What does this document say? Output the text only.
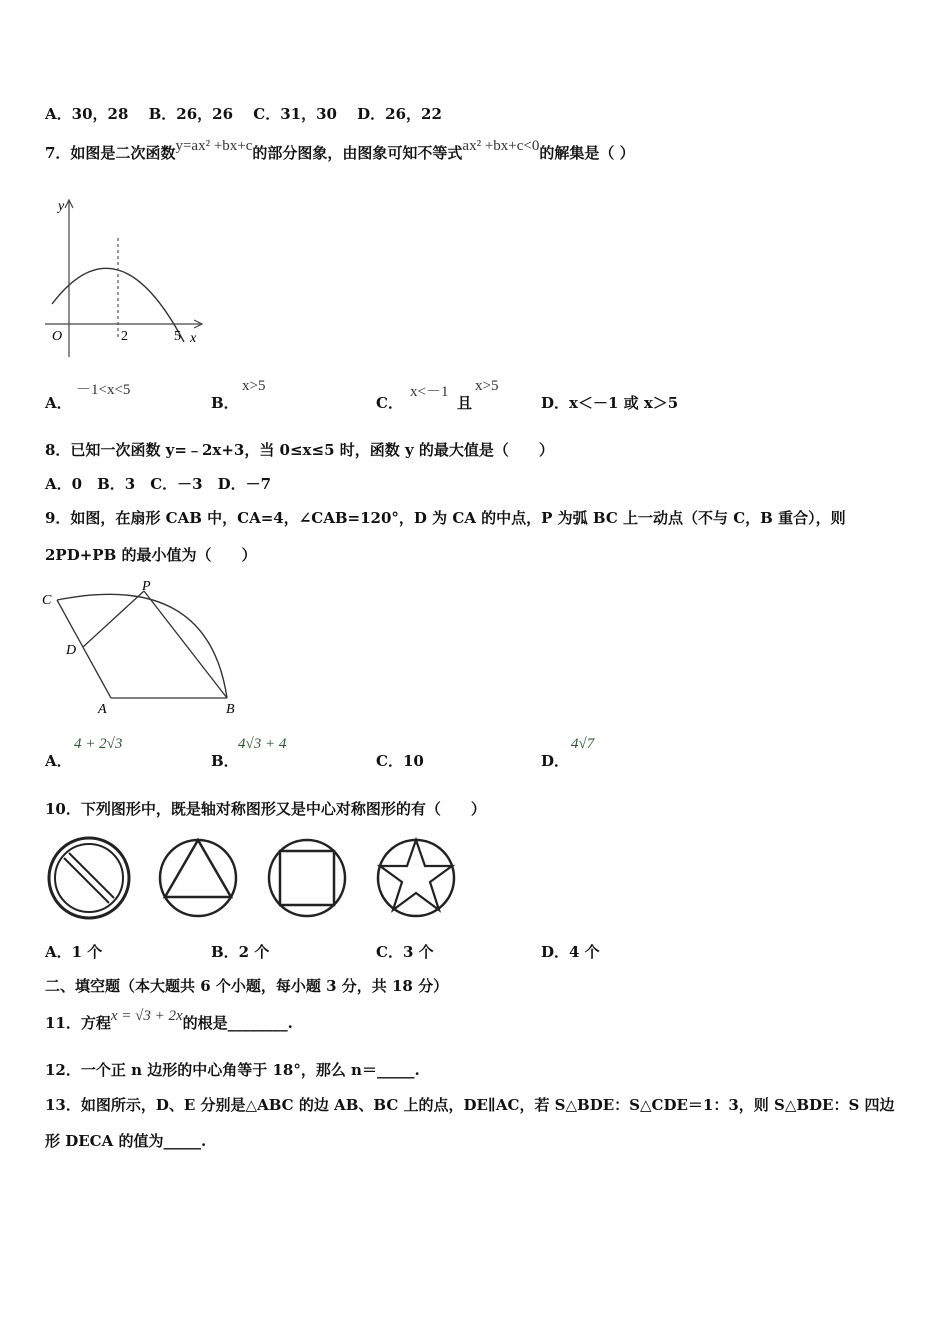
A．30，28　 B．26，26　 C．31，30　 D．26，22
7．如图是二次函数y=ax² +bx+c的部分图象，由图象可知不等式ax² +bx+c<0的解集是（ ）
y
O	2	5 x
A．
－1<x<5
B．
x>5
C．
x<－1
且
x>5
D．x＜－1 或 x＞5
8．已知一次函数 y=﹣2x+3，当 0≤x≤5 时，函数 y 的最大值是（　　）
A．0　B．3　C．－3　D．－7
9．如图，在扇形 CAB 中，CA=4，∠CAB=120°，D 为 CA 的中点，P 为弧 BC 上一动点（不与 C，B 重合），则
2PD+PB 的最小值为（　　）
C
P
D
A	B
A．
4 + 2√3
B．
4√3 + 4
C．10	D．
4√7
10．下列图形中，既是轴对称图形又是中心对称图形的有（　　）
A．1 个	B．2 个	C．3 个	D．4 个
二、填空题（本大题共 6 个小题，每小题 3 分，共 18 分）
11．方程x = √3 + 2x的根是________.
12．一个正 n 边形的中心角等于 18°，那么 n＝_____.
13．如图所示，D、E 分别是△ABC 的边 AB、BC 上的点，DE∥AC，若 S△BDE：S△CDE＝1：3，则 S△BDE：S 四边
形 DECA 的值为_____.
